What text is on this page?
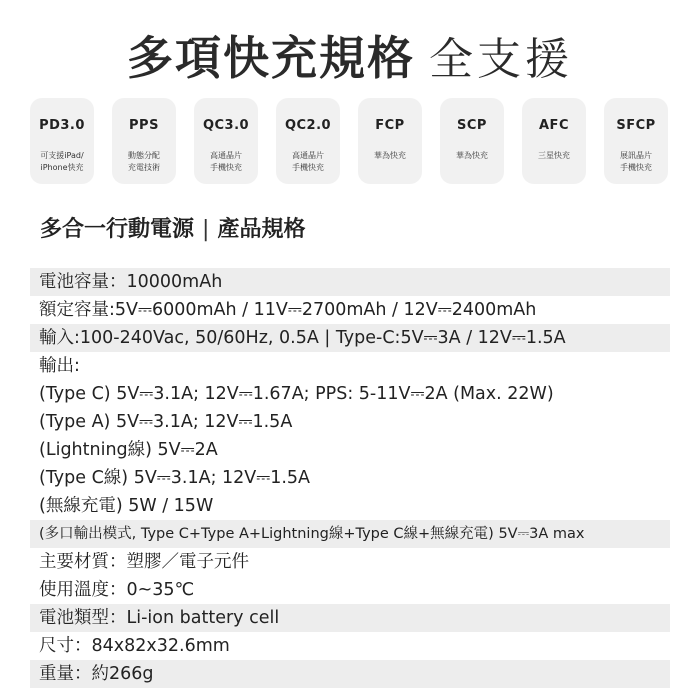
多項快充規格 全支援
PD3.0
可支援iPad/
iPhone快充
PPS
動態分配
充電技術
QC3.0
高通晶片
手機快充
QC2.0
高通晶片
手機快充
FCP
華為快充
SCP
華為快充
AFC
三星快充
SFCP
展訊晶片
手機快充
多合一行動電源 | 產品規格
電池容量：10000mAh
額定容量:5V⎓6000mAh / 11V⎓2700mAh / 12V⎓2400mAh
輸入:100-240Vac, 50/60Hz, 0.5A | Type-C:5V⎓3A / 12V⎓1.5A
輸出:
(Type C) 5V⎓3.1A; 12V⎓1.67A; PPS: 5-11V⎓2A (Max. 22W)
(Type A) 5V⎓3.1A; 12V⎓1.5A
(Lightning線) 5V⎓2A
(Type C線) 5V⎓3.1A; 12V⎓1.5A
(無線充電) 5W / 15W
(多口輸出模式, Type C+Type A+Lightning線+Type C線+無線充電) 5V⎓3A max
主要材質：塑膠／電子元件
使用溫度：0~35℃
電池類型：Li-ion battery cell
尺寸：84x82x32.6mm
重量：約266g
